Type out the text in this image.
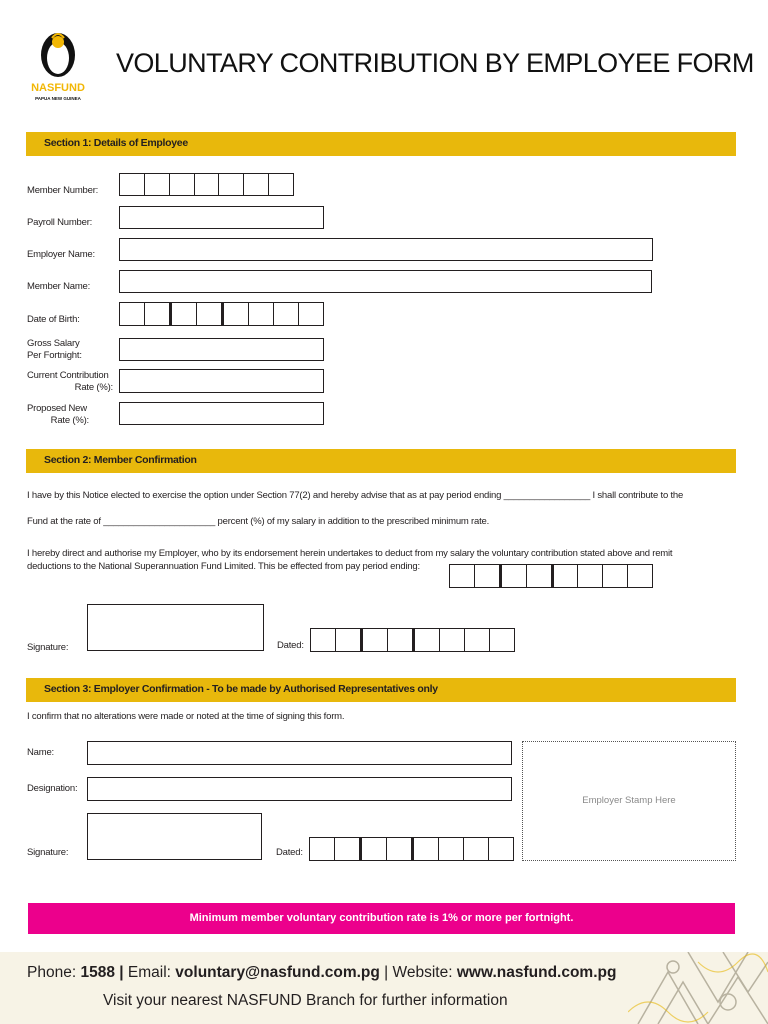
NASFUND
PAPUA NEW GUINEA
VOLUNTARY CONTRIBUTION BY EMPLOYEE FORM
Section 1: Details of Employee
Member Number:
Payroll Number:
Employer Name:
Member Name:
Date of Birth:
Gross Salary
Per Fortnight:
Current Contribution
Rate (%):
Proposed New
Rate (%):
Section 2: Member Confirmation
I have by this Notice elected to exercise the option under Section 77(2) and hereby advise that as at pay period ending _________________ I shall contribute to the
Fund at the rate of ______________________ percent (%) of my salary in addition to the prescribed minimum rate.
I hereby direct and authorise my Employer, who by its endorsement herein undertakes to deduct from my salary the voluntary contribution stated above and remit
deductions to the National Superannuation Fund Limited. This be effected from pay period ending:
Signature:	Dated:
Section 3: Employer Confirmation - To be made by Authorised Representatives only
I confirm that no alterations were made or noted at the time of signing this form.
Name:
Designation:
Signature:	Dated:
Employer Stamp Here
Minimum member voluntary contribution rate is 1% or more per fortnight.
Phone: 1588 | Email: voluntary@nasfund.com.pg | Website: www.nasfund.com.pg
Visit your nearest NASFUND Branch for further information
